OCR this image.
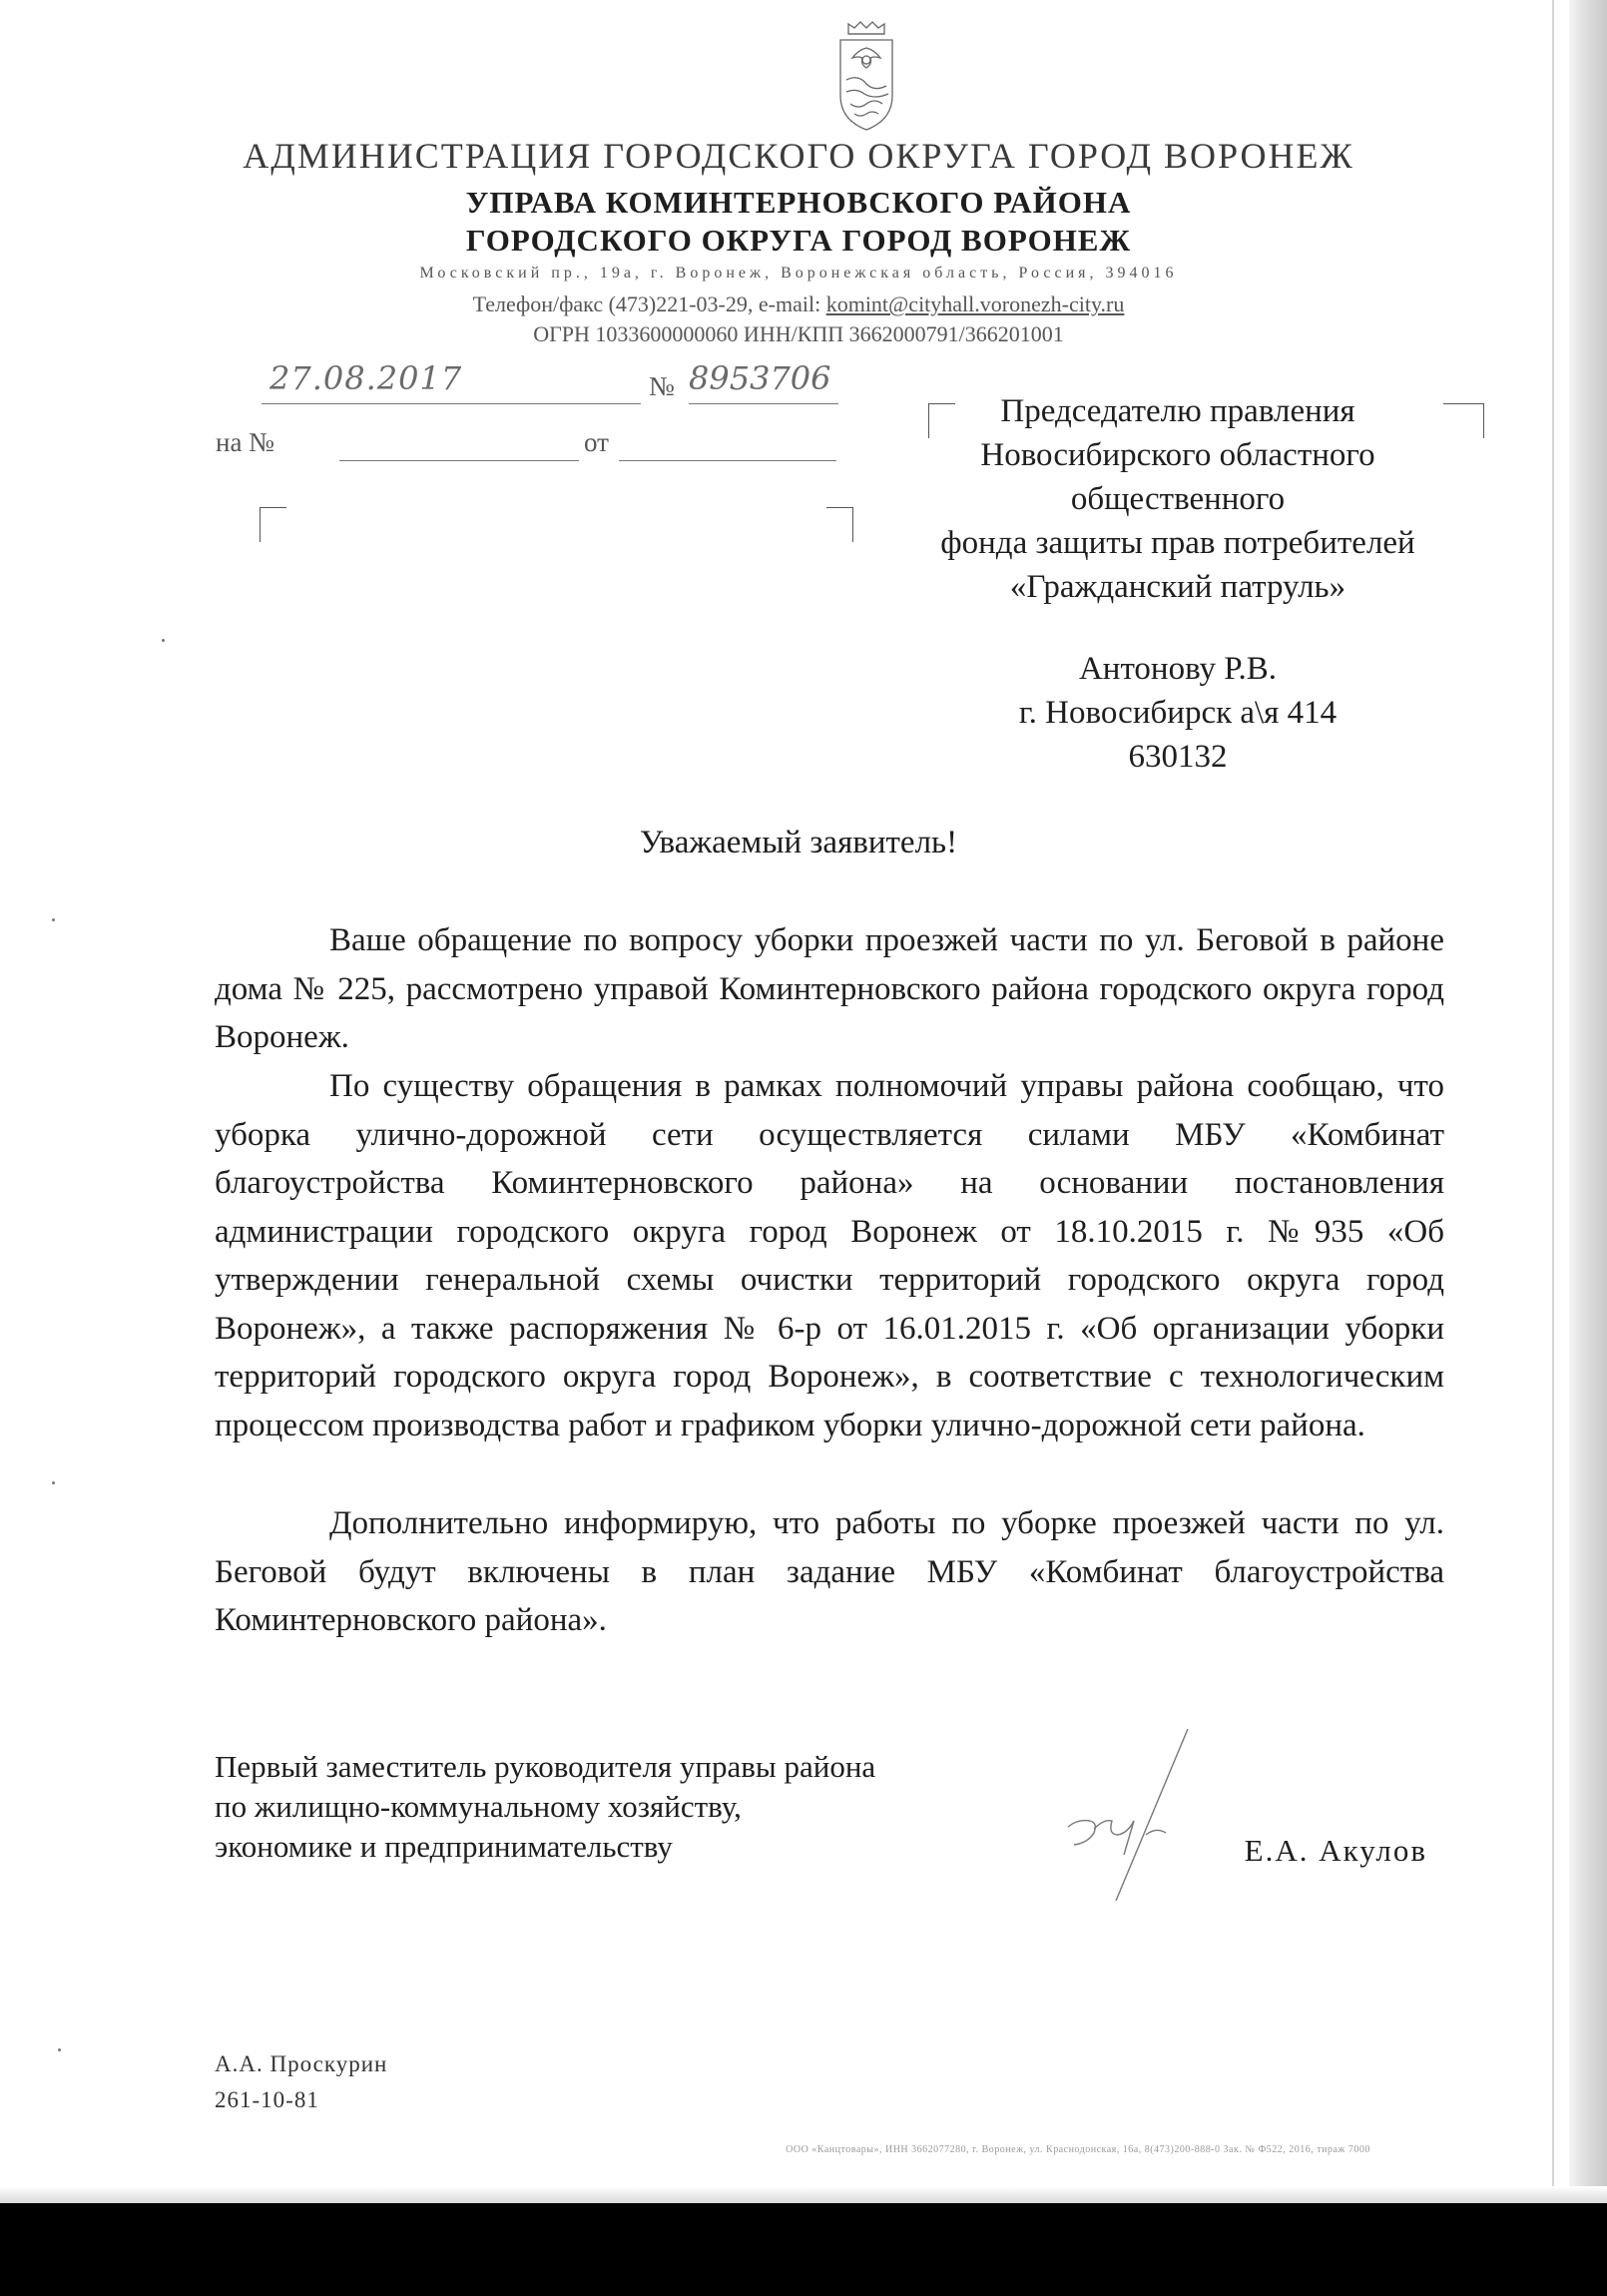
АДМИНИСТРАЦИЯ ГОРОДСКОГО ОКРУГА ГОРОД ВОРОНЕЖ
УПРАВА КОМИНТЕРНОВСКОГО РАЙОНА
ГОРОДСКОГО ОКРУГА ГОРОД ВОРОНЕЖ
Московский пр., 19а, г. Воронеж, Воронежская область, Россия, 394016
Телефон/факс (473)221-03-29, e-mail: komint@cityhall.voronezh-city.ru
ОГРН 1033600000060 ИНН/КПП 3662000791/366201001
27.08.2017	№ 8953706
на №	от
Председателю правления
Новосибирского областного
общественного
фонда защиты прав потребителей
«Гражданский патруль»
Антонову Р.В.
г. Новосибирск а\я 414
630132
Уважаемый заявитель!
Ваше обращение по вопросу уборки проезжей части по ул. Беговой в районе дома № 225, рассмотрено управой Коминтерновского района городского округа город Воронеж.
По существу обращения в рамках полномочий управы района сообщаю, что уборка улично-дорожной сети осуществляется силами МБУ «Комбинат благоустройства Коминтерновского района» на основании постановления администрации городского округа город Воронеж от 18.10.2015 г. №935 «Об утверждении генеральной схемы очистки территорий городского округа город Воронеж», а также распоряжения № 6-р от 16.01.2015 г. «Об организации уборки территорий городского округа город Воронеж», в соответствие с технологическим процессом производства работ и графиком уборки улично-дорожной сети района.
Дополнительно информирую, что работы по уборке проезжей части по ул. Беговой будут включены в план задание МБУ «Комбинат благоустройства Коминтерновского района».
Первый заместитель руководителя управы района
по жилищно-коммунальному хозяйству,
экономике и предпринимательству	Е.А. Акулов
А.А. Проскурин
261-10-81
ООО «Канцтовары», ИНН 3662077280, г. Воронеж, ул. Краснодонская, 16а, 8(473)200-888-0 Зак. № Ф522, 2016, тираж 7000
